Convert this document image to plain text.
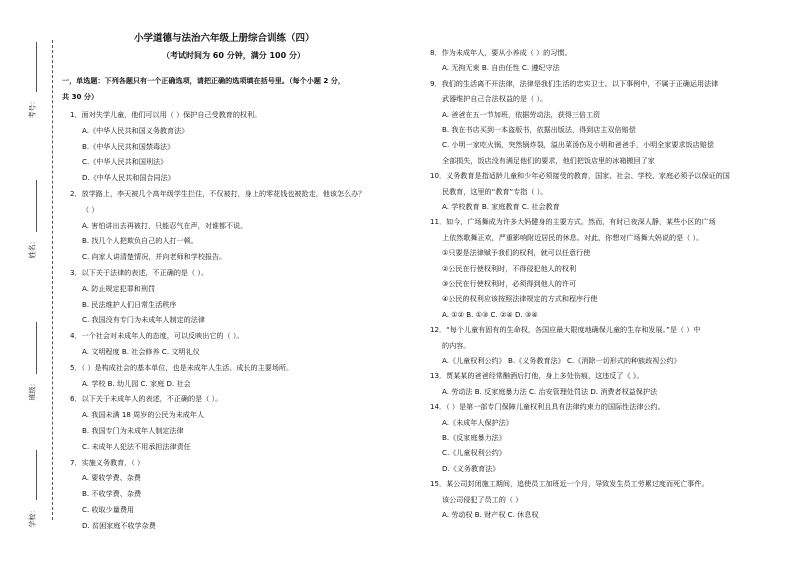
考号：
姓名：
班级：
学校：
小学道德与法治六年级上册综合训练（四）
（考试时间为 60 分钟，满分 100 分）
一，单选题：下列各题只有一个正确选项，请把正确的选项填在括号里。（每个小题 2 分，
共 30 分）
1．面对失学儿童，他们可以用（ ）保护自己受教育的权利。
A.《中华人民共和国义务教育法》
B.《中华人民共和国禁毒法》
C.《中华人民共和国刑法》
D.《中华人民共和国合同法》
2．放学路上，李天被几个高年级学生拦住，不仅被打，身上的零花钱也被抢走，他该怎么办？
（ ）
A. 害怕讲出去再被打，只能忍气在声，对谁都不说。
B. 找几个人把欺负自己的人打一顿。
C. 向家人讲清楚情况，并向老师和学校报告。
3．以下关于法律的表述，不正确的是（ ）。
A. 防止规定犯罪和刑罚
B. 民法维护人们日常生活秩序
C. 我国没有专门为未成年人制定的法律
4．一个社会对未成年人的态度，可以反映出它的（ ）。
A. 文明程度 B. 社会修养 C. 文明礼仪
5．（ ）是构成社会的基本单位，也是未成年人生活、成长的主要场所。
A. 学校 B. 幼儿园 C. 家庭 D. 社会
6．以下关于未成年人的表述，不正确的是（ ）。
A. 我国未满 18 周岁的公民为未成年人
B. 我国专门为未成年人制定法律
C. 未成年人犯法不用承担法律责任
7．实施义务教育，（ ）
A. 要收学费、杂费
B. 不收学费、杂费
C. 收取少量费用
D. 贫困家庭不收学杂费
8．作为未成年人，要从小养成（ ）的习惯。
A. 无拘无束 B. 自由任性 C. 遵纪守法
9．我们的生活离不开法律，法律是我们生活的忠实卫士。以下事例中，不属于正确运用法律
武器维护自己合法权益的是（ ）。
A. 爸爸在五一节加班，依据劳动法，获得三倍工资
B. 我在书店买到一本盗版书，依据出版法，得到店主双倍赔偿
C. 小明一家吃火锅，突然锅炸裂，溢出菜汤伤及小明和爸爸手，小明全家要求饭店赔偿
全部损失，饭店没有满足他们的要求，他们把饭店里的冰箱搬回了家
10．义务教育是指适龄儿童和少年必须接受的教育，国家、社会、学校、家庭必须予以保证的国
民教育，这里的“教育”专指（ ）。
A. 学校教育 B. 家庭教育 C. 社会教育
11．如今，广场舞成为许多大妈健身的主要方式。然而，有时已夜深人静，某些小区的广场
上依然歌舞正欢，严重影响附近居民的休息。对此，你想对广场舞大妈说的是（ ）。
①只要是法律赋予我们的权利，就可以任意行使
②公民在行使权利时，不得侵犯他人的权利
③公民在行使权利时，必须得到他人的许可
④公民的权利应该按照法律规定的方式和程序行使
A. ①② B. ①③ C. ②④ D. ③④
12．“每个儿童有固有的生命权，各国应最大限度地确保儿童的生存和发展。”是（ ）中
的内容。
A.《儿童权利公约》 B.《义务教育法》 C.《消除一切形式的种族歧视公约》
13．贾某某的爸爸经常酗酒后打他，身上多处伤痕，这违反了《 》。
A. 劳动法 B. 反家庭暴力法 C. 治安管理处罚法 D. 消费者权益保护法
14．（ ）是第一部专门保障儿童权利且具有法律约束力的国际性法律公约。
A.《未成年人保护法》
B.《反家庭暴力法》
C.《儿童权利公约》
D.《义务教育法》
15．某公司封闭施工期间，追使员工加班近一个月，导致发生员工劳累过度而死亡事件。
该公司侵犯了员工的（ ）
A. 劳动权 B. 财产权 C. 休息权
